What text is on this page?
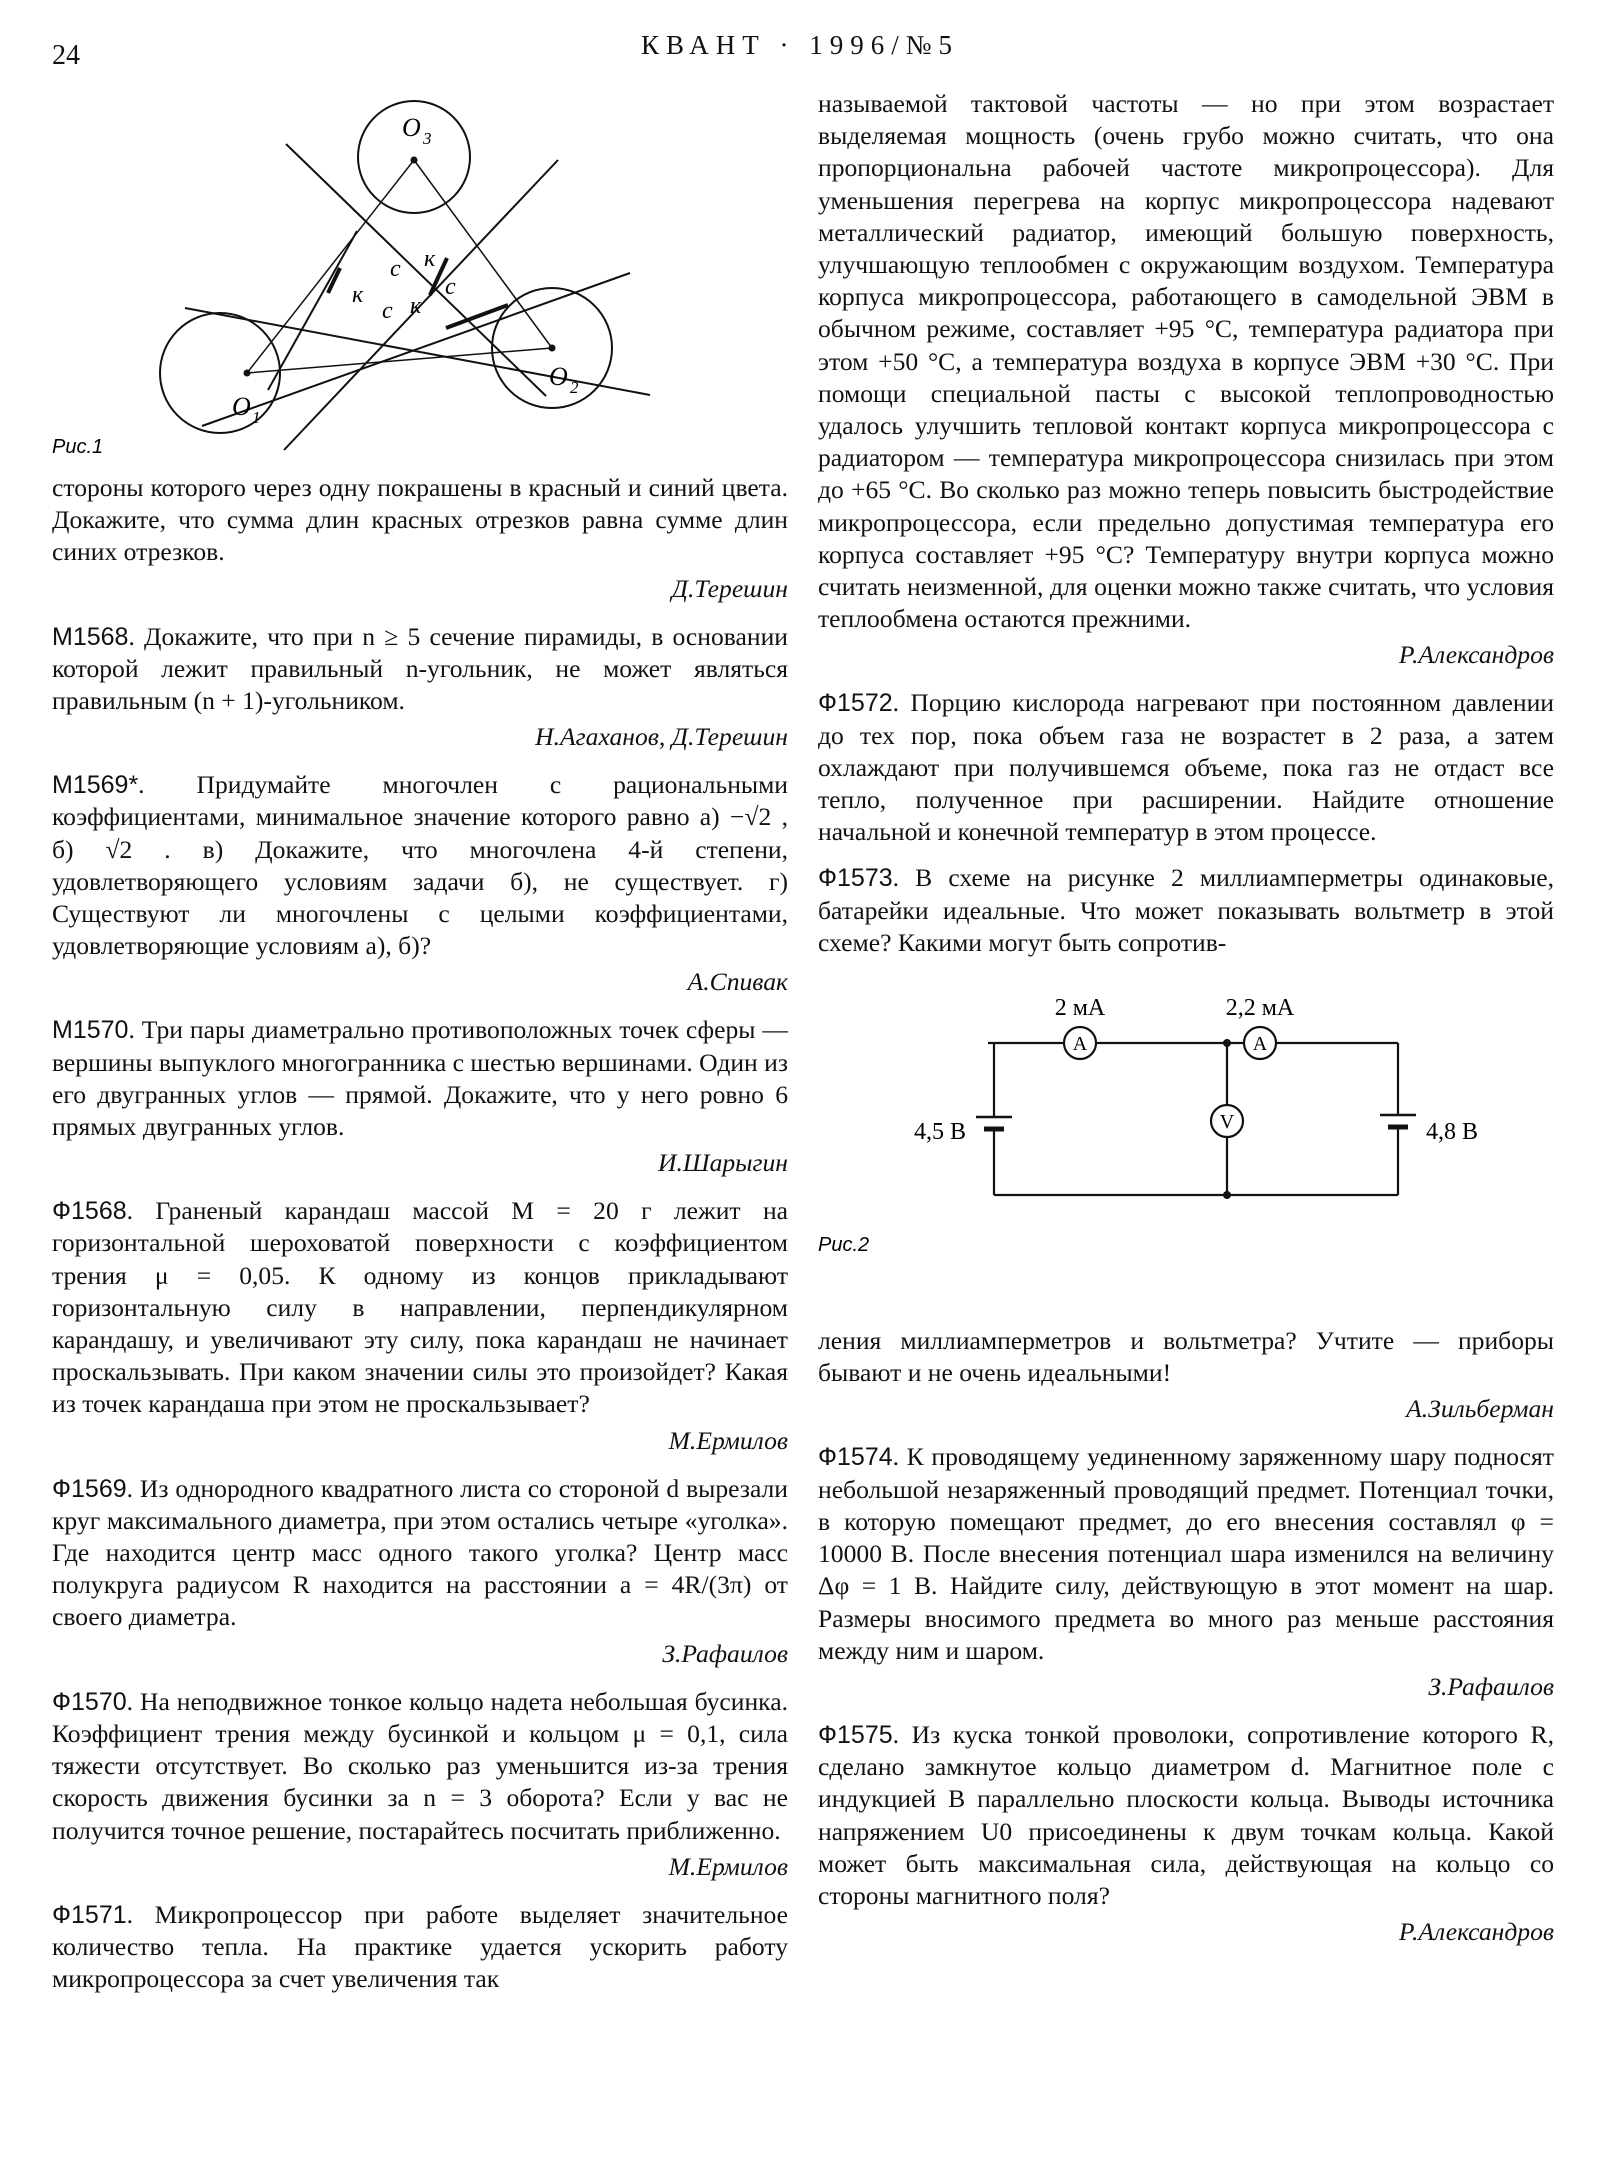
24	КВАНТ · 1996/№5
O 1
O 2
O 3
с к
к
с к
с
Рис.1

стороны которого через одну покрашены в красный и синий цвета. Докажите, что сумма длин красных отрезков равна сумме длин синих отрезков.

Д.Терешин

М1568. Докажите, что при n ≥ 5 сечение пирамиды, в основании которой лежит правильный n-угольник, не может являться правильным (n + 1)-угольником.

Н.Агаханов, Д.Терешин

М1569*. Придумайте многочлен с рациональными коэффициентами, минимальное значение которого равно а) −√2 , б) √2 . в) Докажите, что многочлена 4-й степени, удовлетворяющего условиям задачи б), не существует. г) Существуют ли многочлены с целыми коэффициентами, удовлетворяющие условиям а), б)?

А.Спивак

М1570. Три пары диаметрально противоположных точек сферы — вершины выпуклого многогранника с шестью вершинами. Один из его двугранных углов — прямой. Докажите, что у него ровно 6 прямых двугранных углов.

И.Шарыгин

Ф1568. Граненый карандаш массой M = 20 г лежит на горизонтальной шероховатой поверхности с коэффициентом трения μ = 0,05. К одному из концов прикладывают горизонтальную силу в направлении, перпендикулярном карандашу, и увеличивают эту силу, пока карандаш не начинает проскальзывать. При каком значении силы это произойдет? Какая из точек карандаша при этом не проскальзывает?

М.Ермилов

Ф1569. Из однородного квадратного листа со стороной d вырезали круг максимального диаметра, при этом остались четыре «уголка». Где находится центр масс одного такого уголка? Центр масс полукруга радиусом R находится на расстоянии a = 4R/(3π) от своего диаметра.

З.Рафаилов

Ф1570. На неподвижное тонкое кольцо надета небольшая бусинка. Коэффициент трения между бусинкой и кольцом μ = 0,1, сила тяжести отсутствует. Во сколько раз уменьшится из-за трения скорость движения бусинки за n = 3 оборота? Если у вас не получится точное решение, постарайтесь посчитать приближенно.

М.Ермилов

Ф1571. Микропроцессор при работе выделяет значительное количество тепла. На практике удается ускорить работу микропроцессора за счет увеличения так

называемой тактовой частоты — но при этом возрастает выделяемая мощность (очень грубо можно считать, что она пропорциональна рабочей частоте микропроцессора). Для уменьшения перегрева на корпус микропроцессора надевают металлический радиатор, имеющий большую поверхность, улучшающую теплообмен с окружающим воздухом. Температура корпуса микропроцессора, работающего в самодельной ЭВМ в обычном режиме, составляет +95 °C, температура радиатора при этом +50 °C, а температура воздуха в корпусе ЭВМ +30 °C. При помощи специальной пасты с высокой теплопроводностью удалось улучшить тепловой контакт корпуса микропроцессора с радиатором — температура микропроцессора снизилась при этом до +65 °C. Во сколько раз можно теперь повысить быстродействие микропроцессора, если предельно допустимая температура его корпуса составляет +95 °C? Температуру внутри корпуса можно считать неизменной, для оценки можно также считать, что условия теплообмена остаются прежними.

Р.Александров

Ф1572. Порцию кислорода нагревают при постоянном давлении до тех пор, пока объем газа не возрастет в 2 раза, а затем охлаждают при получившемся объеме, пока газ не отдаст все тепло, полученное при расширении. Найдите отношение начальной и конечной температур в этом процессе.

Ф1573. В схеме на рисунке 2 миллиамперметры одинаковые, батарейки идеальные. Что может показывать вольтметр в этой схеме? Какими могут быть сопротив-

A	A
V
2 мА	2,2 мА
4,5 В	4,8 В
Рис.2

ления миллиамперметров и вольтметра? Учтите — приборы бывают и не очень идеальными!

А.Зильберман

Ф1574. К проводящему уединенному заряженному шару подносят небольшой незаряженный проводящий предмет. Потенциал точки, в которую помещают предмет, до его внесения составлял φ = 10000 В. После внесения потенциал шара изменился на величину Δφ = 1 В. Найдите силу, действующую в этот момент на шар. Размеры вносимого предмета во много раз меньше расстояния между ним и шаром.

З.Рафаилов

Ф1575. Из куска тонкой проволоки, сопротивление которого R, сделано замкнутое кольцо диаметром d. Магнитное поле с индукцией B параллельно плоскости кольца. Выводы источника напряжением U0 присоединены к двум точкам кольца. Какой может быть максимальная сила, действующая на кольцо со стороны магнитного поля?

Р.Александров
